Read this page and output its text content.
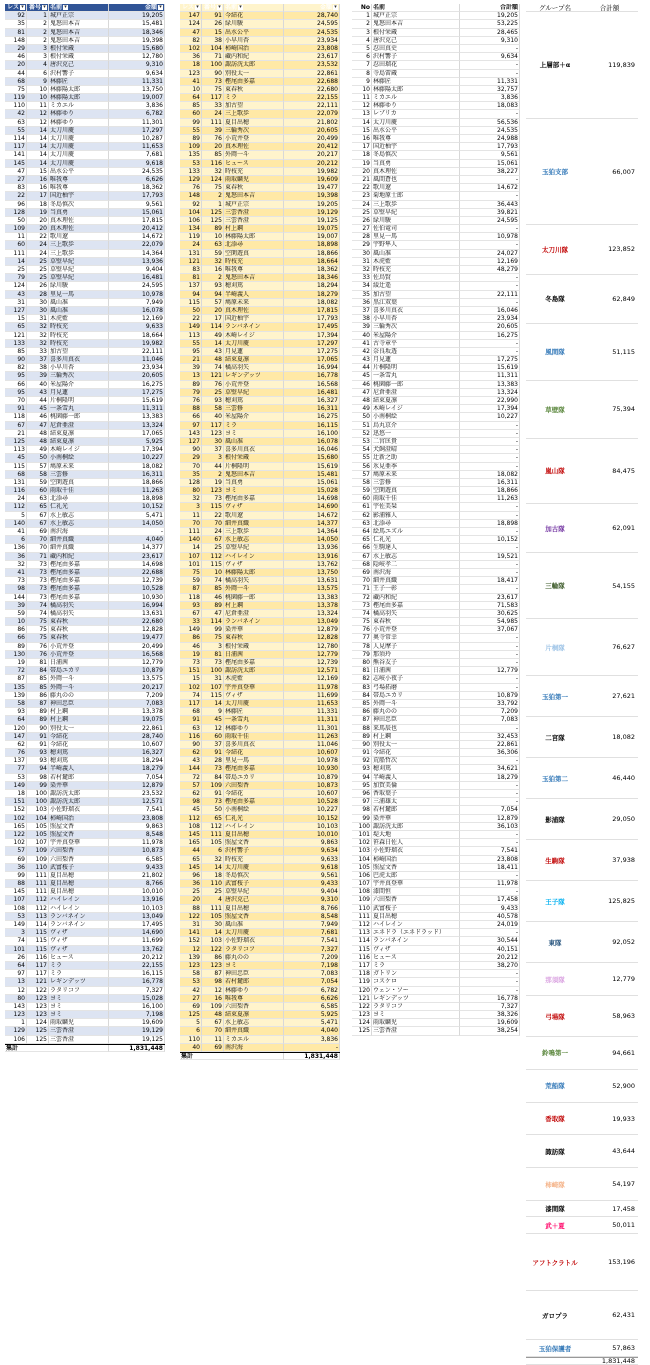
レス ▾ 番号 ▾ 名前 ▾	金額 ▾
92	1 城戸正宗	19,205
35	2 鬼怒田本吉	15,481
81	2 鬼怒田本吉	18,346
148	2 鬼怒田本吉	19,398
29	3 根付栄蔵	15,680
46	3 根付栄蔵	12,780
20	4 唐沢克己	9,310
44	6 沢村響子	9,634
68	9 林藤匠	11,331
75	10 林藤陽太郎	13,750
119	10 林藤陽太郎	19,007
110	11 ミカエル	3,836
42	12 林藤ゆり	6,782
63	12 林藤ゆり	11,301
55	14 太刀川慶	17,297
114	14 太刀川慶	10,287
117	14 太刀川慶	11,653
141	14 太刀川慶	7,681
145	14 太刀川慶	9,618
47	15 出水公平	24,535
27	16 唯我尊	6,626
83	16 唯我尊	18,362
22	17 国近柚宇	17,793
96	18 冬島慎次	9,561
128	19 当真勇	15,061
50	20 真木理佐	17,815
109	20 真木理佐	20,412
11	22 歌川遼	14,672
60	24 三上歌歩	22,079
111	24 三上歌歩	14,364
14	25 草壁早紀	13,936
25	25 草壁早紀	9,404
79	25 草壁早紀	16,481
124	26 緑川駿	24,595
43	28 里見一馬	10,978
31	30 風山准	7,949
127	30 風山准	16,078
15	31 木虎藍	12,169
65	32 時枝充	9,633
121	32 時枝充	18,664
133	32 時枝充	19,982
85	33 加古望	22,111
90	37 喜多川真衣	11,046
82	38 小早川杏	23,934
95	39 三輪秀次	20,605
66	40 米屋陽介	16,275
95	43 月見蓮	17,275
70	44 片桐隆明	15,619
91	45 一条雪丸	11,311
118	46 桃園藤一郎	13,383
67	47 尼倉亜澄	13,324
21	48 結束夏凛	17,065
125	48 結束夏凛	5,925
113	49 木崎レイジ	17,394
45	50 小南桐絵	10,227
115	57 鳩原未来	18,082
68	58 三雲修	16,311
131	59 空閑遊真	18,866
116	60 雨取千佳	11,263
24	63 北添尋	18,898
112	65 仁礼光	10,152
5	67 水上敏志	5,471
140	67 水上敏志	14,050
41	69 南沢海	-
6	70 細井真織	4,040
136	70 細井真織	14,377
36	71 藏内和紀	23,617
32	73 樫尾由多嘉	14,698
41	73 樫尾由多嘉	22,688
73	73 樫尾由多嘉	12,739
98	73 樫尾由多嘉	10,528
144	73 樫尾由多嘉	10,930
39	74 橘高羽矢	16,994
59	74 橘高羽矢	13,631
10	75 東春秋	22,680
86	75 東春秋	12,828
66	75 東春秋	19,477
89	76 小荒井登	20,499
130	76 小荒井登	16,568
19	81 日浦茜	12,779
72	84 帯島ユカリ	10,879
87	85 外岡一斗	13,575
135	85 外岡一斗	20,217
139	86 藤丸のの	7,209
58	87 神田忠臣	7,083
93	89 村上鋼	13,378
64	89 村上鋼	19,075
120	90 別役太一	22,861
147	91 今結花	28,740
62	91 今結花	10,607
76	93 穂刈篤	16,327
137	93 穂刈篤	18,294
77	94 半崎義人	18,279
53	98 若村麓郎	7,054
149	99 染井華	12,879
18	100 諏訪洸太郎	23,532
151	100 諏訪洸太郎	12,571
152	103 小佐野瑠衣	7,541
102	104 柿崎国治	23,808
165	105 照屋文香	9,863
122	105 照屋文香	8,548
102	107 宇井真登華	11,978
57	109 六田梨香	10,873
69	109 六田梨香	6,585
36	110 武富桜子	9,433
99	111 夏目出穂	21,802
88	111 夏目出穂	8,766
145	111 夏目出穂	10,010
107	112 ハイレイン	13,916
108	112 ハイレイン	10,103
53	113 ランバネイン	13,049
149	114 ランバネイン	17,495
3	115 ヴィザ	14,690
74	115 ヴィザ	11,699
101	115 ヴィザ	13,762
26	116 ヒュース	20,212
64	117 ミラ	22,155
97	117 ミラ	16,115
13	121 レギンデッツ	16,778
12	122 ラタリコフ	7,327
80	123 ヨミ	15,028
143	123 ヨミ	16,100
123	123 ヨミ	7,198
1	124 雨取麟児	19,609
129	125 三雲香澄	19,129
106	125 三雲香澄	19,125
集計	1,831,448
レス ▾ 番号 ▾ 名前 ▾	金額 ▾
147	91 今結花	28,740
124	26 緑川駿	24,595
47	15 出水公平	24,535
82	38 小早川杏	23,934
102	104 柿崎国治	23,808
36	71 藏内和紀	23,617
18	100 諏訪洸太郎	23,532
123	90 別役太一	22,861
41	73 樫尾由多嘉	22,688
10	75 東春秋	22,680
64	117 ミラ	22,155
85	33 加古望	22,111
60	24 三上歌歩	22,079
99	111 夏目出穂	21,802
55	39 三輪秀次	20,605
89	76 小荒井登	20,499
109	20 真木理佐	20,412
135	85 外岡一斗	20,217
53	116 ヒュース	20,212
133	32 時枝充	19,982
129	124 雨取麟児	19,609
76	75 東春秋	19,477
148	2 鬼怒田本吉	19,398
92	1 城戸正宗	19,205
104	125 三雲香澄	19,129
106	125 三雲香澄	19,125
134	89 村上鋼	19,075
119	10 林藤陽太郎	19,007
24	63 北添尋	18,898
131	59 空閑遊真	18,866
121	32 時枝充	18,664
83	16 唯我尊	18,362
81	2 鬼怒田本吉	18,346
137	93 穂刈篤	18,294
94	94 半崎義人	18,279
115	57 鳩原未来	18,082
50	20 真木理佐	17,815
22	17 国近柚宇	17,793
149	114 ランバネイン	17,495
113	49 木崎レイジ	17,394
55	14 太刀川慶	17,297
95	43 月見蓮	17,275
21	48 結束夏凛	17,065
39	74 橘高羽矢	16,994
13	121 レギンデッツ	16,778
89	76 小荒井登	16,568
79	25 草壁早紀	16,481
76	93 穂刈篤	16,327
88	58 三雲修	16,311
66	40 米屋陽介	16,275
97	117 ミラ	16,115
143	123 ヨミ	16,100
127	30 風山准	16,078
90	37 喜多川真衣	16,046
29	3 根付栄蔵	15,680
70	44 片桐隆明	15,619
35	2 鬼怒田本吉	15,481
128	19 当真勇	15,061
80	123 ヨミ	15,028
32	73 樫尾由多嘉	14,698
3	115 ヴィザ	14,690
11	22 歌川遼	14,672
70	70 細井真織	14,377
111	24 三上歌歩	14,364
140	67 水上敏志	14,050
14	25 草壁早紀	13,936
107	112 ハイレイン	13,916
101	115 ヴィザ	13,762
75	10 林藤陽太郎	13,750
59	74 橘高羽矢	13,631
87	85 外岡一斗	13,575
118	46 桃園藤一郎	13,383
93	89 村上鋼	13,378
67	47 尼倉亜澄	13,324
33	114 ランバネイン	13,049
149	99 染井華	12,879
86	75 東春秋	12,828
46	3 根付栄蔵	12,780
19	81 日浦茜	12,779
73	73 樫尾由多嘉	12,739
151	100 諏訪洸太郎	12,571
15	31 木虎藍	12,169
102	107 宇井真登華	11,978
74	115 ヴィザ	11,699
117	14 太刀川慶	11,653
68	9 林藤匠	11,331
91	45 一条雪丸	11,311
63	12 林藤ゆり	11,301
116	60 雨取千佳	11,263
90	37 喜多川真衣	11,046
62	91 今結花	10,607
43	28 里見一馬	10,978
144	73 樫尾由多嘉	10,930
72	84 帯島ユカリ	10,879
57	109 六田梨香	10,873
62	91 今結花	10,607
98	73 樫尾由多嘉	10,528
45	50 小南桐絵	10,227
112	65 仁礼光	10,152
108	112 ハイレイン	10,103
145	111 夏目出穂	10,010
165	105 照屋文香	9,863
44	6 沢村響子	9,634
65	32 時枝充	9,633
145	14 太刀川慶	9,618
96	18 冬島慎次	9,561
36	110 武富桜子	9,433
25	25 草壁早紀	9,404
20	4 唐沢克己	9,310
88	111 夏目出穂	8,766
122	105 照屋文香	8,548
31	30 風山准	7,949
141	14 太刀川慶	7,681
152	103 小佐野瑠衣	7,541
12	122 ラタリコフ	7,327
139	86 藤丸のの	7,209
123	123 ヨミ	7,198
58	87 神田忠臣	7,083
53	98 若村麓郎	7,054
42	12 林藤ゆり	6,782
27	16 唯我尊	6,626
69	109 六田梨香	6,585
125	48 結束夏凛	5,925
5	67 水上敏志	5,471
6	70 細井真織	4,040
110	11 ミカエル	3,836
40	69 南沢海	-
集計	1,831,448
No 名前	合計額
1 城戸正宗	19,205
2 鬼怒田本吉	53,225
3 根付栄蔵	28,465
4 唐沢克己	9,310
5 忍田真史	-
6 沢村響子	9,634
7 忍田瑠花	-
8 寺島雷蔵	-
9 林藤匠	11,331
10 林藤陽太郎	32,757
11 ミカエル	3,836
12 林藤ゆり	18,083
13 レプリカ	-
14 太刀川慶	56,536
15 出水公平	24,535
16 唯我尊	24,988
17 国近柚宇	17,793
18 冬島慎次	9,561
19 当真勇	15,061
20 真木理佐	38,227
21 風間蒼也	-
22 歌川遼	14,672
23 菊地原士郎	-
24 三上歌歩	36,443
25 草壁早紀	39,821
26 緑川駿	24,595
27 佐伯竜司	-
28 里見一馬	10,978
29 宇野隼人	-
30 風山准	24,027
31 木虎藍	12,169
32 時枝充	48,279
33 佐鳥賢	-
34 綾辻遥	-
35 加古望	22,111
36 黒江双葉	-
37 喜多川真衣	16,046
38 小早川杏	23,934
39 三輪秀次	20,605
40 米屋陽介	16,275
41 古寺章平	-
42 奈良坂透	-
43 月見蓮	17,275
44 片桐隆明	15,619
45 一条雪丸	11,311
46 桃園藤一郎	13,383
47 尼倉亜澄	13,324
48 結束夏凛	22,990
49 木崎レイジ	17,394
50 小南桐絵	10,227
51 烏丸京介	-
52 迅悠一	-
53 二宮匡貴	-
54 犬飼澄晴	-
55 辻新之助	-
56 氷見亜季	-
57 鳩原未来	18,082
58 三雲修	16,311
59 空閑遊真	18,866
60 雨取千佳	11,263
61 宇佐美栞	-
62 影浦雅人	-
63 北添尋	18,898
64 絵馬ユズル	-
65 仁礼光	10,152
66 生駒達人	-
67 水上敏志	19,521
68 隠岐孝二	-
69 南沢海	-
70 細井真織	18,417
71 王子一彰	-
72 藏内和紀	23,617
73 樫尾由多嘉	71,583
74 橘高羽矢	30,625
75 東春秋	54,985
76 小荒井登	37,067
77 奥寺常幸	-
78 人見摩子	-
79 那須玲	-
80 熊谷友子	-
81 日浦茜	12,779
82 志岐小夜子	-
83 弓場拓磨	-
84 帯島ユカリ	10,879
85 外岡一斗	33,792
86 藤丸のの	7,209
87 神田忠臣	7,083
88 来馬辰也	-
89 村上鋼	32,453
90 別役太一	22,861
91 今結花	36,306
92 荒船哲次	-
93 穂刈篤	34,621
94 半崎義人	18,279
95 加賀美倫	-
96 香取葉子	-
97 三浦雄太	-
98 若村麓郎	7,054
99 染井華	12,879
100 諏訪洸太郎	36,103
101 堤大地	-
102 笹森日佐人	-
103 小佐野瑠衣	7,541
104 柿崎国治	23,808
105 照屋文香	18,411
106 巴虎太郎	-
107 宇井真登華	11,978
108 漆間恒	-
109 六田梨香	17,458
110 武富桜子	9,433
111 夏目出穂	40,578
112 ハイレイン	24,019
113 エネドラ（エネドラッド）	-
114 ランバネイン	30,544
115 ヴィザ	40,151
116 ヒュース	20,212
117 ミラ	38,270
118 ガトリン	-
119 コスケロ	-
120 ウェン・ソー	-
121 レギンデッツ	16,778
122 ラタリコフ	7,327
123 ヨミ	38,326
124 雨取麟児	19,609
125 三雲香澄	38,254
グループ名	合計額
上層部＋α	119,839
玉狛支部	66,007
太刀川隊	123,852
冬島隊	62,849
風間隊	51,115
草壁隊	75,394
嵐山隊	84,475
加古隊	62,091
三輪隊	54,155
片桐隊	76,627
玉狛第一	27,621
二宮隊	18,082
玉狛第二	46,440
影浦隊	29,050
生駒隊	37,938
王子隊	125,825
東隊	92,052
那須隊	12,779
弓場隊	58,963
鈴鳴第一	94,661
荒船隊	52,900
香取隊	19,933
諏訪隊	43,644
柿崎隊	54,197
漆間隊	17,458
武＋夏	50,011
アフトクラトル	153,196
ガロプラ	62,431
玉狛保護者	57,863
1,831,448
